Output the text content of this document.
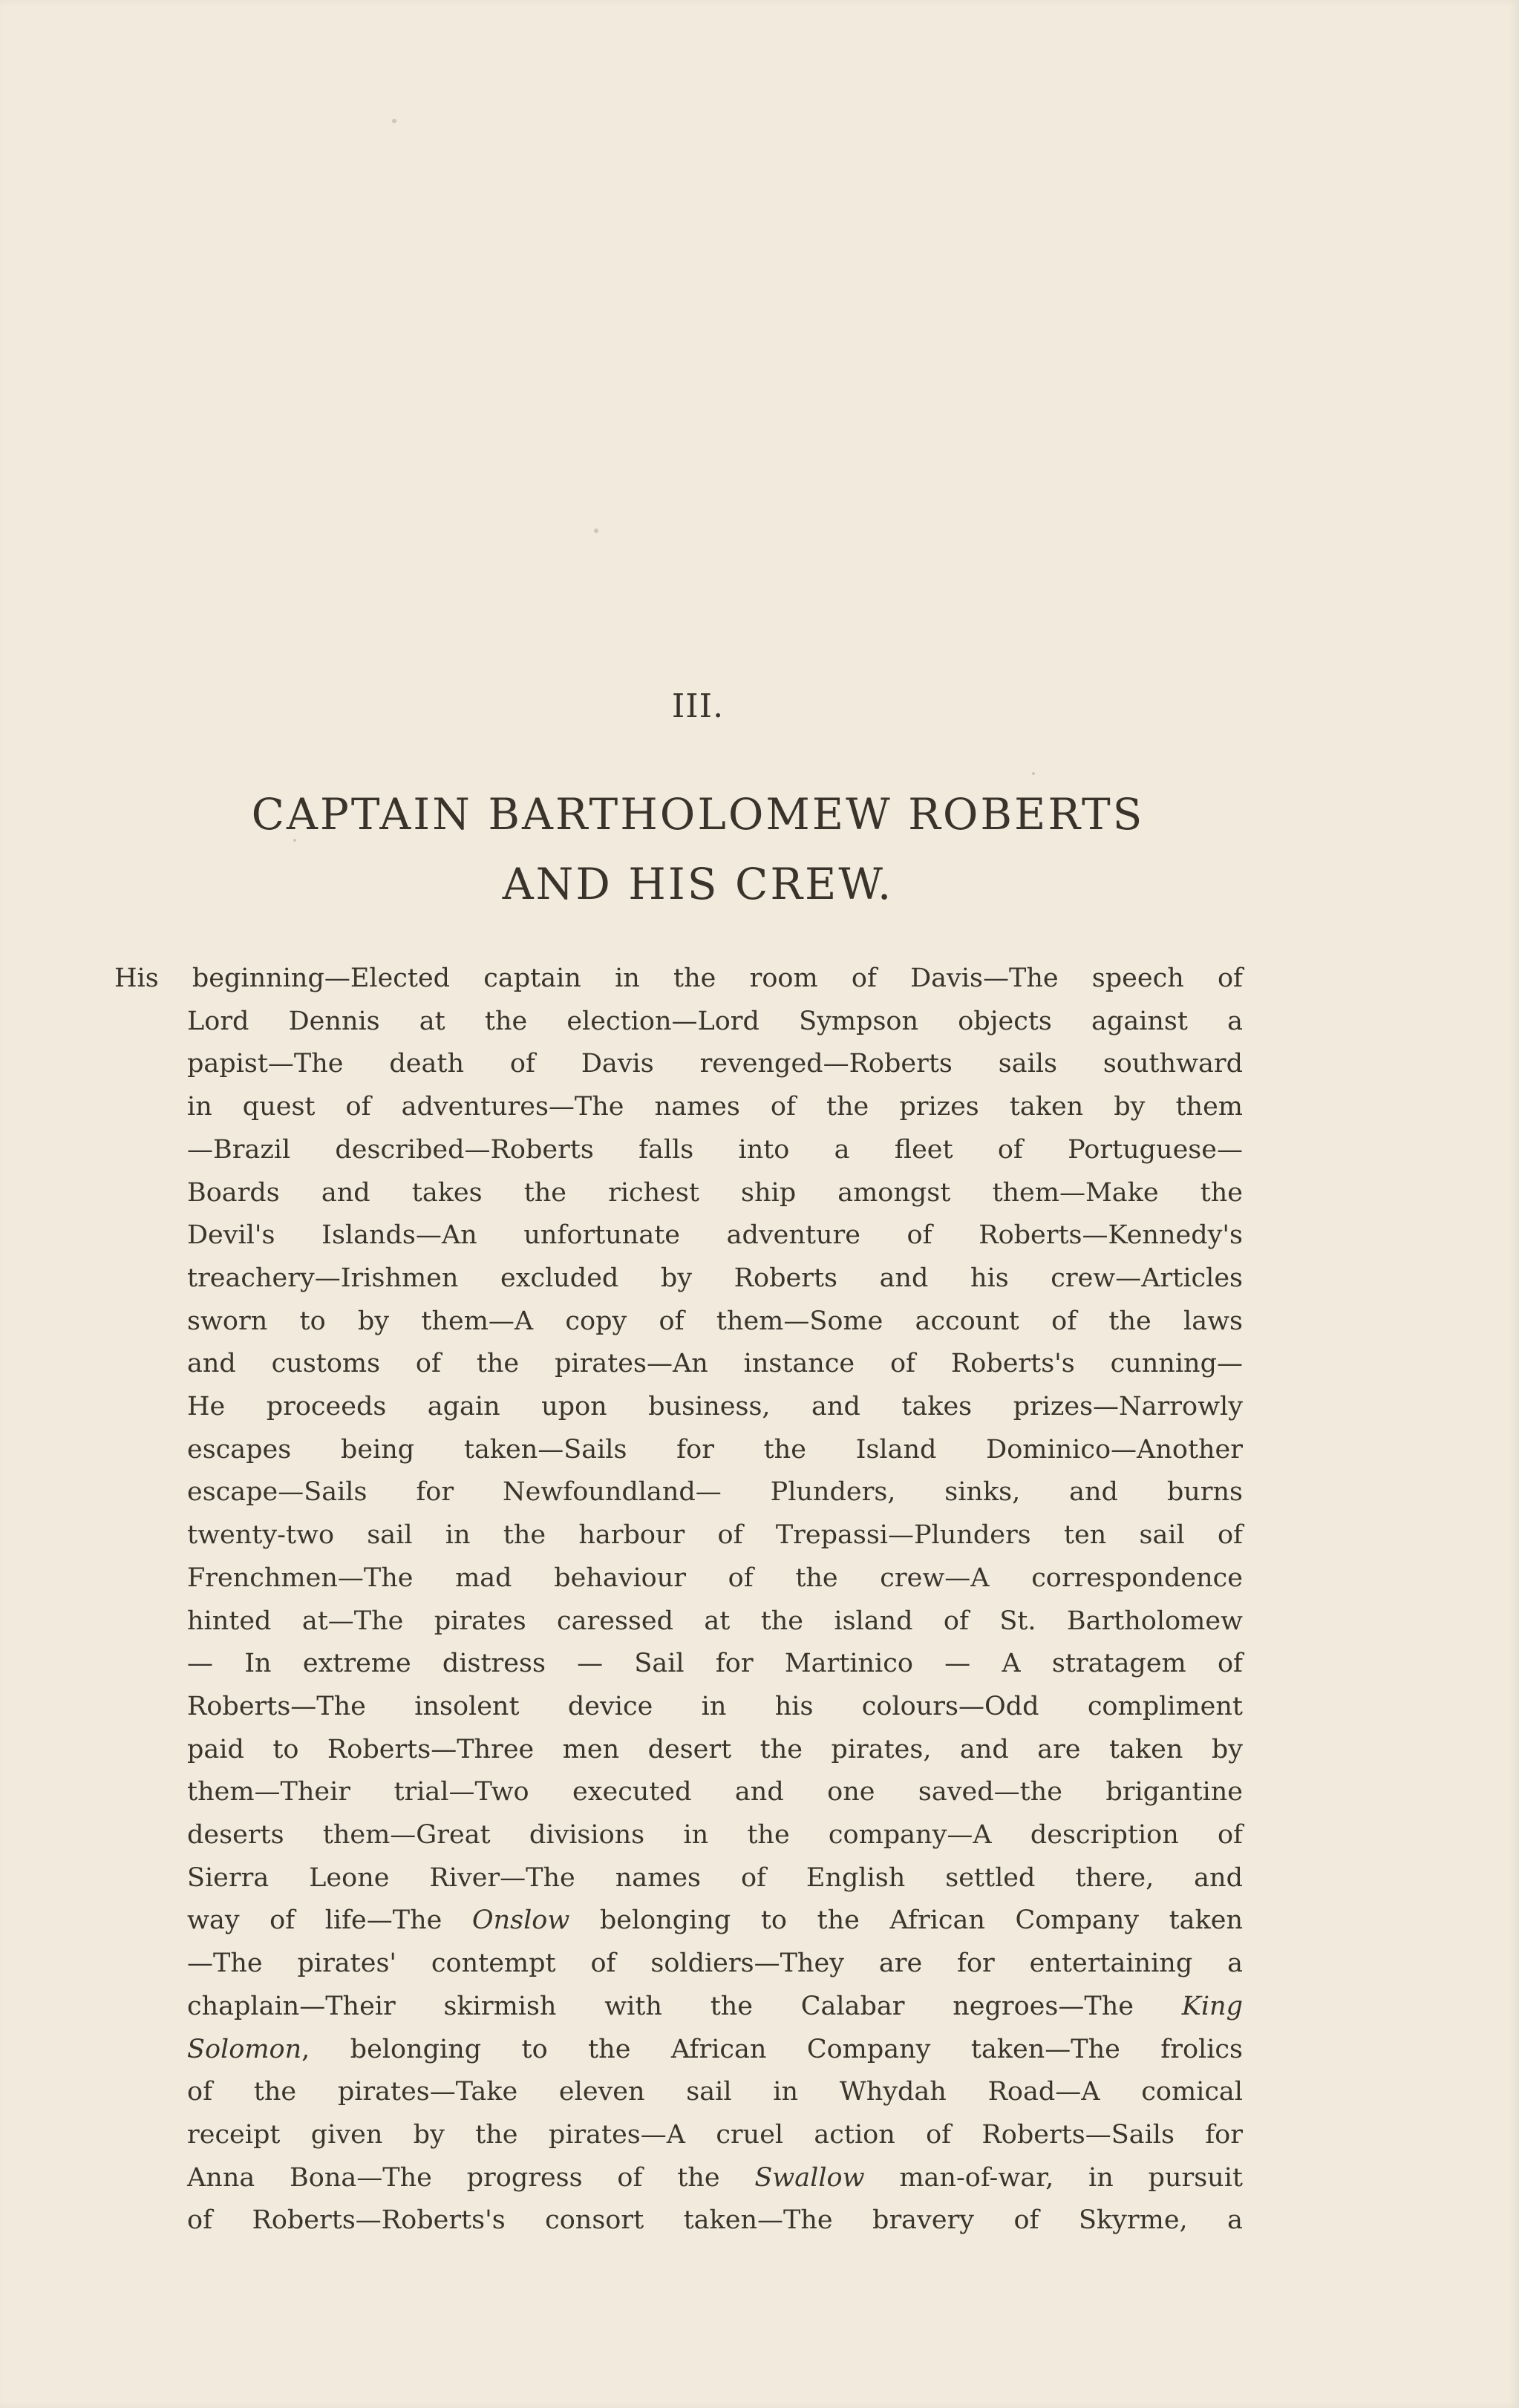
III.
CAPTAIN BARTHOLOMEW ROBERTS
AND HIS CREW.
His beginning—Elected captain in the room of Davis—The speech of
Lord Dennis at the election—Lord Sympson objects against a
papist—The death of Davis revenged—Roberts sails southward
in quest of adventures—The names of the prizes taken by them
—Brazil described—Roberts falls into a fleet of Portuguese—
Boards and takes the richest ship amongst them—Make the
Devil's Islands—An unfortunate adventure of Roberts—Kennedy's
treachery—Irishmen excluded by Roberts and his crew—Articles
sworn to by them—A copy of them—Some account of the laws
and customs of the pirates—An instance of Roberts's cunning—
He proceeds again upon business, and takes prizes—Narrowly
escapes being taken—Sails for the Island Dominico—Another
escape—Sails for Newfoundland— Plunders, sinks, and burns
twenty-two sail in the harbour of Trepassi—Plunders ten sail of
Frenchmen—The mad behaviour of the crew—A correspondence
hinted at—The pirates caressed at the island of St. Bartholomew
— In extreme distress — Sail for Martinico — A stratagem of
Roberts—The insolent device in his colours—Odd compliment
paid to Roberts—Three men desert the pirates, and are taken by
them—Their trial—Two executed and one saved—the brigantine
deserts them—Great divisions in the company—A description of
Sierra Leone River—The names of English settled there, and
way of life—The Onslow belonging to the African Company taken
—The pirates' contempt of soldiers—They are for entertaining a
chaplain—Their skirmish with the Calabar negroes—The King
Solomon, belonging to the African Company taken—The frolics
of the pirates—Take eleven sail in Whydah Road—A comical
receipt given by the pirates—A cruel action of Roberts—Sails for
Anna Bona—The progress of the Swallow man-of-war, in pursuit
of Roberts—Roberts's consort taken—The bravery of Skyrme, a
